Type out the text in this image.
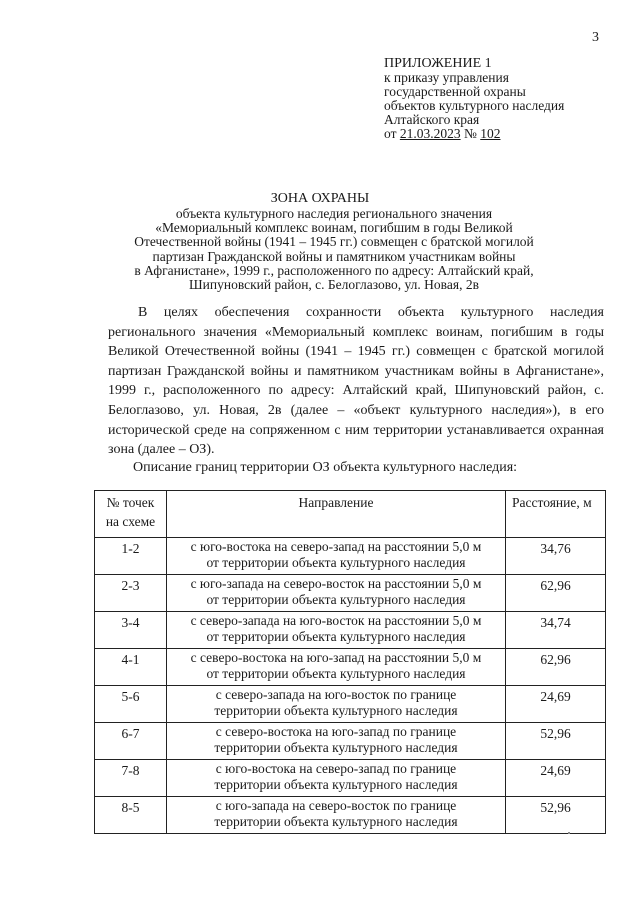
3
ПРИЛОЖЕНИЕ 1
к приказу управления
государственной охраны
объектов культурного наследия
Алтайского края
от 21.03.2023 № 102
ЗОНА ОХРАНЫ
объекта культурного наследия регионального значения
«Мемориальный комплекс воинам, погибшим в годы Великой
Отечественной войны (1941 – 1945 гг.) совмещен с братской могилой
партизан Гражданской войны и памятником участникам войны
в Афганистане», 1999 г., расположенного по адресу: Алтайский край,
Шипуновский район, с. Белоглазово, ул. Новая, 2в
В целях обеспечения сохранности объекта культурного наследия регионального значения «Мемориальный комплекс воинам, погибшим в годы Великой Отечественной войны (1941 – 1945 гг.) совмещен с братской могилой партизан Гражданской войны и памятником участникам войны в Афганистане», 1999 г., расположенного по адресу: Алтайский край, Шипуновский район, с. Белоглазово, ул. Новая, 2в (далее – «объект культурного наследия»), в его исторической среде на сопряженном с ним территории устанавливается охранная зона (далее – ОЗ).
Описание границ территории ОЗ объекта культурного наследия:
№ точек
на схеме	Направление	Расстояние, м
1-2	с юго-востока на северо-запад на расстоянии 5,0 м
от территории объекта культурного наследия	34,76
2-3	с юго-запада на северо-восток на расстоянии 5,0 м
от территории объекта культурного наследия	62,96
3-4	с северо-запада на юго-восток на расстоянии 5,0 м
от территории объекта культурного наследия	34,74
4-1	с северо-востока на юго-запад на расстоянии 5,0 м
от территории объекта культурного наследия	62,96
5-6	с северо-запада на юго-восток по границе
территории объекта культурного наследия	24,69
6-7	с северо-востока на юго-запад по границе
территории объекта культурного наследия	52,96
7-8	с юго-востока на северо-запад по границе
территории объекта культурного наследия	24,69
8-5	с юго-запада на северо-восток по границе
территории объекта культурного наследия	52,96
